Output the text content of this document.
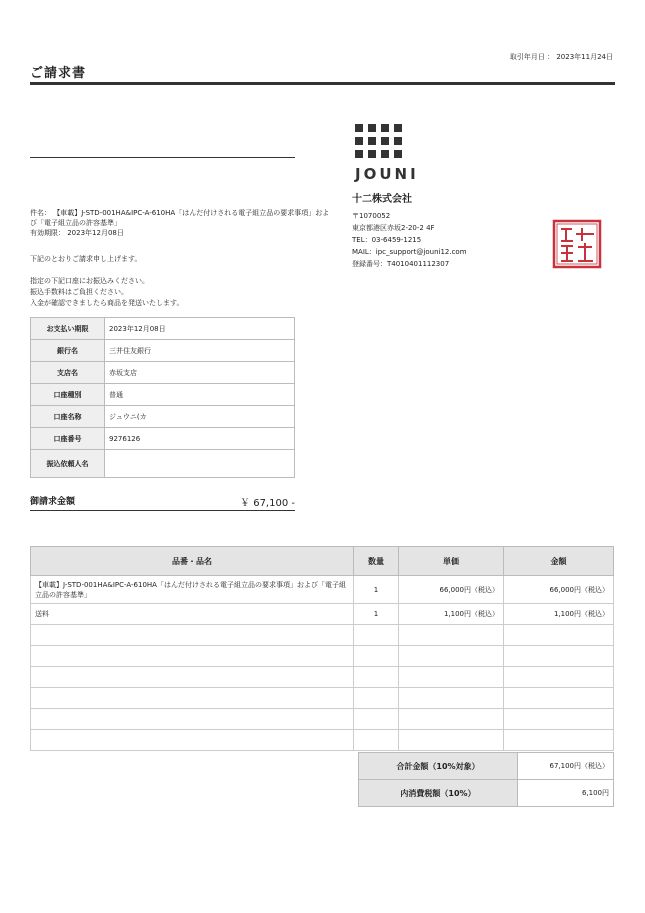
ご請求書
取引年月日 ： 2023年11月24日
JOUNI
十二株式会社
〒1070052
東京都港区赤坂2-20-2 4F
TEL：03-6459-1215
MAIL：ipc_support@jouni12.com
登録番号：T4010401112307
件名： 【車載】J-STD-001HA&IPC-A-610HA「はんだ付けされる電子組立品の要求事項」および「電子組立品の許容基準」
有効期限： 2023年12月08日
下記のとおりご請求申し上げます。
指定の下記口座にお振込みください。
振込手数料はご負担ください。
入金が確認できましたら商品を発送いたします。
お支払い期限	2023年12月08日
銀行名	三井住友銀行
支店名	赤坂支店
口座種別	普通
口座名称	ジュウニ(カ
口座番号	9276126
振込依頼人名	
御請求金額	￥ 67,100 -
品番・品名	数量	単価	金額
【車載】J-STD-001HA&IPC-A-610HA「はんだ付けされる電子組立品の要求事項」および「電子組立品の許容基準」	1	66,000円（税込）	66,000円（税込）
送料	1	1,100円（税込）	1,100円（税込）

合計金額（10%対象）	67,100円（税込）
内消費税額（10%）	6,100円
